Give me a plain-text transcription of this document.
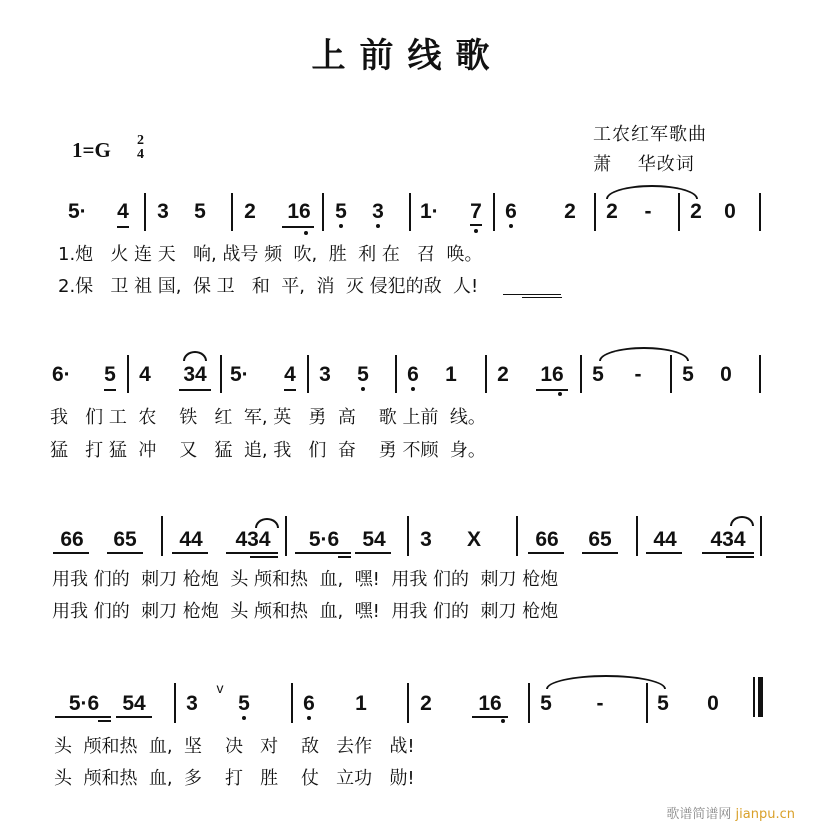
上前线歌
1=G 2
4
工农红军歌曲
萧　 华改词
5· 4 3 5 2 16 5 3 1· 7 6 2 2 - 2 0
1.炮   火 连 天   响, 战号 频  吹,  胜  利 在   召  唤。
2.保   卫 祖 国,  保 卫   和  平,  消  灭 侵犯的敌  人!
6· 5 4 34 5· 4 3 5 6 1 2 16 5 - 5 0
我   们 工  农    铁   红  军, 英   勇  高    歌 上前  线。
猛   打 猛  冲    又   猛  追, 我   们  奋    勇 不顾  身。
66	65	44	434	5·6	54	3 X	66	65	44	434
用我 们的  刺刀 枪炮  头 颅和热  血,  嘿!  用我 们的  刺刀 枪炮
用我 们的  刺刀 枪炮  头 颅和热  血,  嘿!  用我 们的  刺刀 枪炮
5·6	54	3
v
5	6 1	2	16	5 -	5 0
头  颅和热  血,  坚    决   对    敌   去作   战!
头  颅和热  血,  多    打   胜    仗   立功   勋!
歌谱简谱网 jianpu.cn
